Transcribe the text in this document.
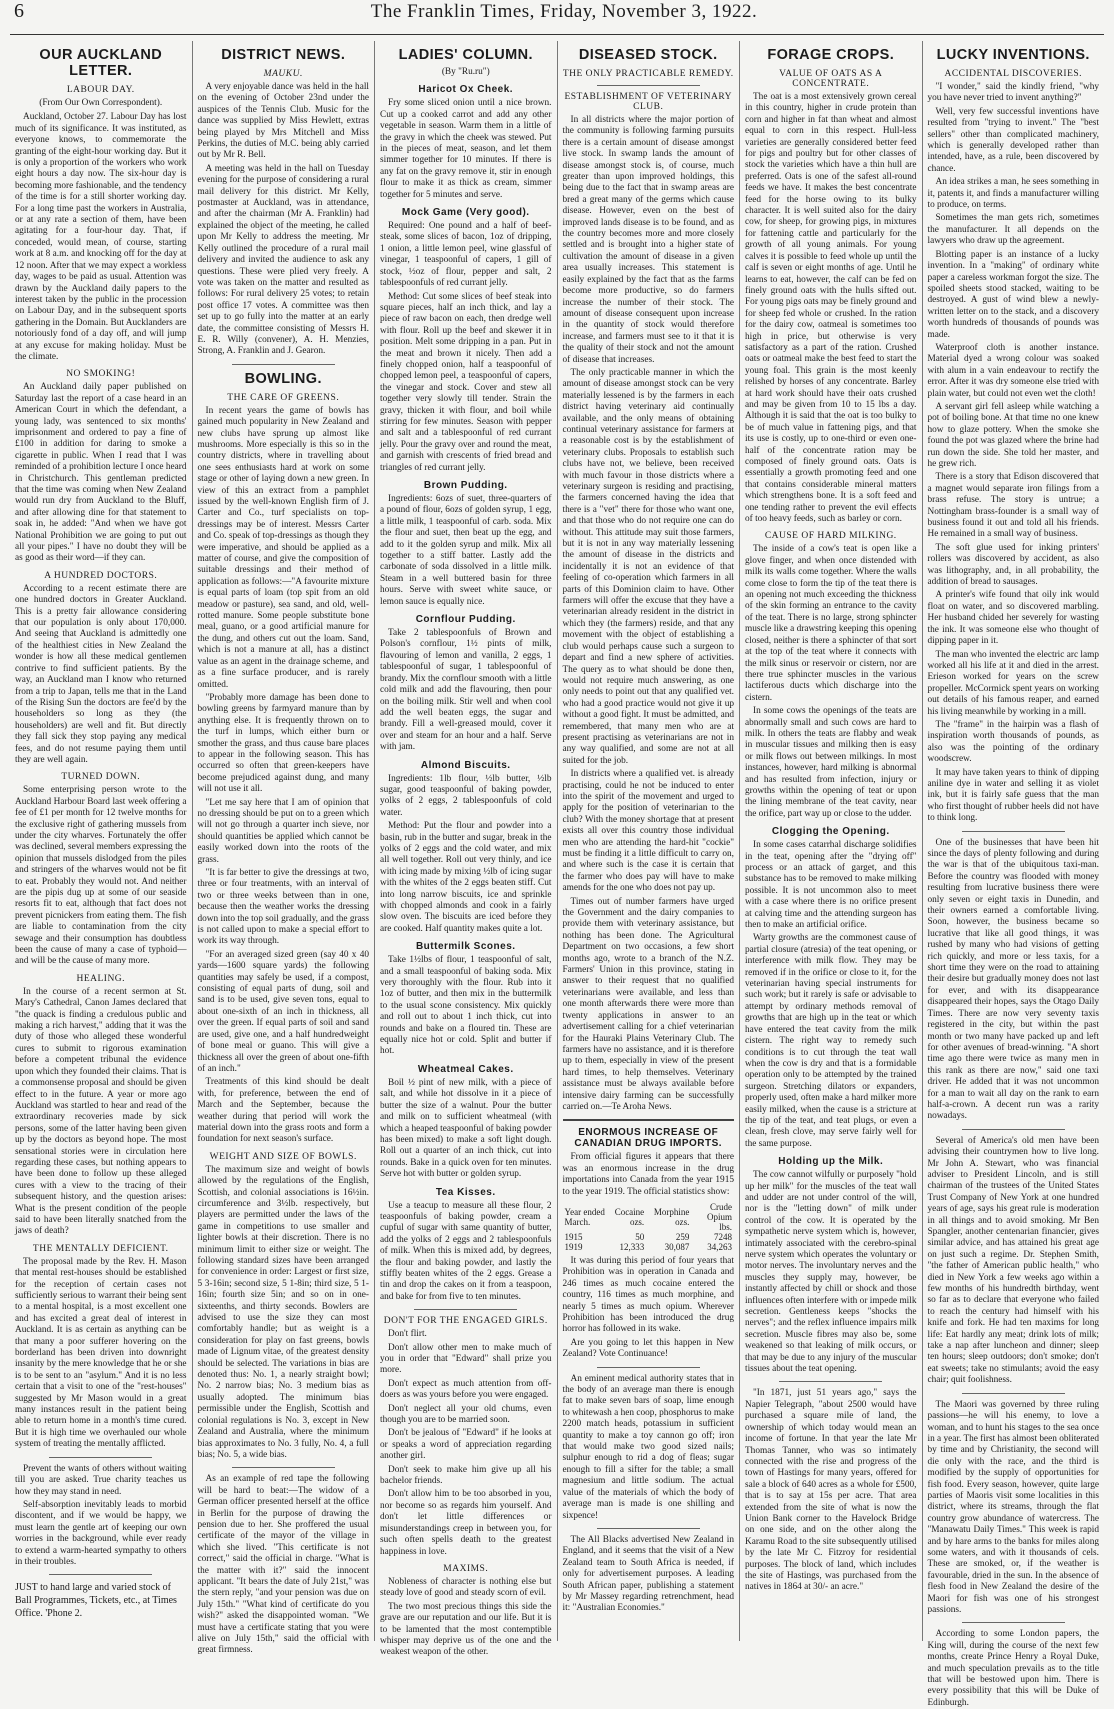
6	The Franklin Times, Friday, November 3, 1922.
OUR AUCKLAND LETTER.
LABOUR DAY.
(From Our Own Correspondent).

Auckland, October 27. Labour Day has lost much of its significance. It was instituted, as everyone knows, to commemorate the granting of the eight-hour working day. But it is only a proportion of the workers who work eight hours a day now. The six-hour day is becoming more fashionable, and the tendency of the time is for a still shorter working day. For a long time past the workers in Australia, or at any rate a section of them, have been agitating for a four-hour day. That, if conceded, would mean, of course, starting work at 8 a.m. and knocking off for the day at 12 noon. After that we may expect a workless day, wages to be paid as usual. Attention was drawn by the Auckland daily papers to the interest taken by the public in the procession on Labour Day, and in the subsequent sports gathering in the Domain. But Aucklanders are notoriously fond of a day off, and will jump at any excuse for making holiday. Must be the climate.

NO SMOKING!

An Auckland daily paper published on Saturday last the report of a case heard in an American Court in which the defendant, a young lady, was sentenced to six months' imprisonment and ordered to pay a fine of £100 in addition for daring to smoke a cigarette in public. When I read that I was reminded of a prohibition lecture I once heard in Christchurch. This gentleman predicted that the time was coming when New Zealand would run dry from Auckland to the Bluff, and after allowing dine for that statement to soak in, he added: "And when we have got National Prohibition we are going to put out all your pipes." I have no doubt they will be as good as their word—if they can.

A HUNDRED DOCTORS.

According to a recent estimate there are one hundred doctors in Greater Auckland. This is a pretty fair allowance considering that our population is only about 170,000. And seeing that Auckland is admittedly one of the healthiest cities in New Zealand the wonder is how all these medical gentlemen contrive to find sufficient patients. By the way, an Auckland man I know who returned from a trip to Japan, tells me that in the Land of the Rising Sun the doctors are fee'd by the householders so long as they (the householders) are well and fit. But directly they fall sick they stop paying any medical fees, and do not resume paying them until they are well again.

TURNED DOWN.

Some enterprising person wrote to the Auckland Harbour Board last week offering a fee of £1 per month for 12 twelve months for the exclusive right of gathering mussels from under the city wharves. Fortunately the offer was declined, several members expressing the opinion that mussels dislodged from the piles and stringers of the wharves would not be fit to eat. Probably they would not. And neither are the pipis dug up at some of our seaside resorts fit to eat, although that fact does not prevent picnickers from eating them. The fish are liable to contamination from the city sewage and their consumption has doubtless been the cause of many a case of typhoid—and will be the cause of many more.

HEALING.

In the course of a recent sermon at St. Mary's Cathedral, Canon James declared that "the quack is finding a credulous public and making a rich harvest," adding that it was the duty of those who alleged these wonderful cures to submit to rigorous examination before a competent tribunal the evidence upon which they founded their claims. That is a commonsense proposal and should be given effect to in the future. A year or more ago Auckland was startled to hear and read of the extraordinary recoveries made by sick persons, some of the latter having been given up by the doctors as beyond hope. The most sensational stories were in circulation here regarding these cases, but nothing appears to have been done to follow up these alleged cures with a view to the tracing of their subsequent history, and the question arises: What is the present condition of the people said to have been literally snatched from the jaws of death?

THE MENTALLY DEFICIENT.

The proposal made by the Rev. H. Mason that mental rest-houses should be established for the reception of certain cases not sufficiently serious to warrant their being sent to a mental hospital, is a most excellent one and has excited a great deal of interest in Auckland. It is as certain as anything can be that many a poor sufferer hovering on the borderland has been driven into downright insanity by the mere knowledge that he or she is to be sent to an "asylum." And it is no less certain that a visit to one of the "rest-houses" suggested by Mr Mason would in a great many instances result in the patient being able to return home in a month's time cured. But it is high time we overhauled our whole system of treating the mentally afflicted.

Prevent the wants of others without waiting till you are asked. True charity teaches us how they may stand in need.

Self-absorption inevitably leads to morbid discontent, and if we would be happy, we must learn the gentle art of keeping our own worries in the background, while ever ready to extend a warm-hearted sympathy to others in their troubles.

JUST to hand large and varied stock of Ball Programmes, Tickets, etc., at Times Office. 'Phone 2.
DISTRICT NEWS.
MAUKU.

A very enjoyable dance was held in the hall on the evening of October 23nd under the auspices of the Tennis Club. Music for the dance was supplied by Miss Hewlett, extras being played by Mrs Mitchell and Miss Perkins, the duties of M.C. being ably carried out by Mr R. Bell.

A meeting was held in the hall on Tuesday evening for the purpose of considering a rural mail delivery for this district. Mr Kelly, postmaster at Auckland, was in attendance, and after the chairman (Mr A. Franklin) had explained the object of the meeting, he called upon Mr Kelly to address the meeting. Mr Kelly outlined the procedure of a rural mail delivery and invited the audience to ask any questions. These were plied very freely. A vote was taken on the matter and resulted as follows: For rural delivery 25 votes; to retain post office 17 votes. A committee was then set up to go fully into the matter at an early date, the committee consisting of Messrs H. E. R. Willy (convener), A. H. Menzies, Strong, A. Franklin and J. Gearon.

BOWLING.
THE CARE OF GREENS.

In recent years the game of bowls has gained much popularity in New Zealand and new clubs have sprung up almost like mushrooms. More especially is this so in the country districts, where in travelling about one sees enthusiasts hard at work on some stage or other of laying down a new green. In view of this an extract from a pamphlet issued by the well-known English firm of J. Carter and Co., turf specialists on top-dressings may be of interest. Messrs Carter and Co. speak of top-dressings as though they were imperative, and should be applied as a matter of course, and give the composition of suitable dressings and their method of application as follows:—"A favourite mixture is equal parts of loam (top spit from an old meadow or pasture), sea sand, and old, well-rotted manure. Some people substitute bone meal, guano, or a good artificial manure for the dung, and others cut out the loam. Sand, which is not a manure at all, has a distinct value as an agent in the drainage scheme, and as a fine surface producer, and is rarely omitted.

"Probably more damage has been done to bowling greens by farmyard manure than by anything else. It is frequently thrown on to the turf in lumps, which either burn or smother the grass, and thus cause bare places to appear in the following season. This has occurred so often that green-keepers have become prejudiced against dung, and many will not use it all.

"Let me say here that I am of opinion that no dressing should be put on to a green which will not go through a quarter inch sieve, nor should quantities be applied which cannot be easily worked down into the roots of the grass.

"It is far better to give the dressings at two, three or four treatments, with an interval of two or three weeks between than in one, because then the weather works the dressing down into the top soil gradually, and the grass is not called upon to make a special effort to work its way through.

"For an averaged sized green (say 40 x 40 yards—1600 square yards) the following quantities may safely be used, if a compost, consisting of equal parts of dung, soil and sand is to be used, give seven tons, equal to about one-sixth of an inch in thickness, all over the green. If equal parts of soil and sand are used, give one, and a half hundredweight of bone meal or guano. This will give a thickness all over the green of about one-fifth of an inch."

Treatments of this kind should be dealt with, for preference, between the end of March and the September, because the weather during that period will work the material down into the grass roots and form a foundation for next season's surface.

WEIGHT AND SIZE OF BOWLS.

The maximum size and weight of bowls allowed by the regulations of the English, Scottish, and colonial associations is 16½in. circumference and 3½lb. respectively, but players are permitted under the laws of the game in competitions to use smaller and lighter bowls at their discretion. There is no minimum limit to either size or weight. The following standard sizes have been arranged for convenience in order: Largest or first size, 5 3-16in; second size, 5 1-8in; third size, 5 1-16in; fourth size 5in; and so on in one-sixteenths, and thirty seconds. Bowlers are advised to use the size they can most comfortably handle; but as weight is a consideration for play on fast greens, bowls made of Lignum vitae, of the greatest density should be selected. The variations in bias are denoted thus: No. 1, a nearly straight bowl; No. 2 narrow bias; No. 3 medium bias as usually adopted. The minimum bias permissible under the English, Scottish and colonial regulations is No. 3, except in New Zealand and Australia, where the minimum bias approximates to No. 3 fully, No. 4, a full bias; No. 5, a wide bias.

As an example of red tape the following will be hard to beat:—The widow of a German officer presented herself at the office in Berlin for the purpose of drawing the pension due to her. She proffered the usual certificate of the mayor of the village in which she lived. "This certificate is not correct," said the official in charge. "What is the matter with it?" said the innocent applicant. "It bears the date of July 21st," was the stern reply, "and your pension was due on July 15th." "What kind of certificate do you wish?" asked the disappointed woman. "We must have a certificate stating that you were alive on July 15th," said the official with great firmness.

LADIES' COLUMN.
(By "Ru.ru")
Haricot Ox Cheek.

Fry some sliced onion until a nice brown. Cut up a cooked carrot and add any other vegetable in season. Warm them in a little of the gravy in which the cheek was stewed. Put in the pieces of meat, season, and let them simmer together for 10 minutes. If there is any fat on the gravy remove it, stir in enough flour to make it as thick as cream, simmer together for 5 minutes and serve.

Mock Game (Very good).

Required: One pound and a half of beef-steak, some slices of bacon, 1oz of dripping, 1 onion, a little lemon peel, wine glassful of vinegar, 1 teaspoonful of capers, 1 gill of stock, ½oz of flour, pepper and salt, 2 tablespoonfuls of red currant jelly.

Method: Cut some slices of beef steak into square pieces, half an inch thick, and lay a piece of raw bacon on each, then dredge well with flour. Roll up the beef and skewer it in position. Melt some dripping in a pan. Put in the meat and brown it nicely. Then add a finely chopped onion, half a teaspoonful of chopped lemon peel, a teaspoonful of capers, the vinegar and stock. Cover and stew all together very slowly till tender. Strain the gravy, thicken it with flour, and boil while stirring for few minutes. Season with pepper and salt and a tablespoonful of red currant jelly. Pour the gravy over and round the meat, and garnish with crescents of fried bread and triangles of red currant jelly.

Brown Pudding.

Ingredients: 6ozs of suet, three-quarters of a pound of flour, 6ozs of golden syrup, 1 egg, a little milk, 1 teaspoonful of carb. soda. Mix the flour and suet, then beat up the egg, and add to it the golden syrup and milk. Mix all together to a stiff batter. Lastly add the carbonate of soda dissolved in a little milk. Steam in a well buttered basin for three hours. Serve with sweet white sauce, or lemon sauce is equally nice.

Cornflour Pudding.

Take 2 tablespoonfuls of Brown and Polson's cornflour, 1½ pints of milk, flavouring of lemon and vanilla, 2 eggs, 1 tablespoonful of sugar, 1 tablespoonful of brandy. Mix the cornflour smooth with a little cold milk and add the flavouring, then pour on the boiling milk. Stir well and when cool add the well beaten eggs, the sugar and brandy. Fill a well-greased mould, cover it over and steam for an hour and a half. Serve with jam.

Almond Biscuits.

Ingredients: 1lb flour, ½lb butter, ½lb sugar, good teaspoonful of baking powder, yolks of 2 eggs, 2 tablespoonfuls of cold water.

Method: Put the flour and powder into a basin, rub in the butter and sugar, break in the yolks of 2 eggs and the cold water, and mix all well together. Roll out very thinly, and ice with icing made by mixing ½lb of icing sugar with the whites of the 2 eggs beaten stiff. Cut into long narrow biscuits, ice and sprinkle with chopped almonds and cook in a fairly slow oven. The biscuits are iced before they are cooked. Half quantity makes quite a lot.

Buttermilk Scones.

Take 1½lbs of flour, 1 teaspoonful of salt, and a small teaspoonful of baking soda. Mix very thoroughly with the flour. Rub into it 1oz of butter, and then mix in the buttermilk to the usual scone consistency. Mix quickly and roll out to about 1 inch thick, cut into rounds and bake on a floured tin. These are equally nice hot or cold. Split and butter if hot.

Wheatmeal Cakes.

Boil ½ pint of new milk, with a piece of salt, and while hot dissolve in it a piece of butter the size of a walnut. Pour the butter and milk on to sufficient wheatmeal (with which a heaped teaspoonful of baking powder has been mixed) to make a soft light dough. Roll out a quarter of an inch thick, cut into rounds. Bake in a quick oven for ten minutes. Serve hot with butter or golden syrup.

Tea Kisses.

Use a teacup to measure all these flour, 2 teaspoonfuls of baking powder, cream a cupful of sugar with same quantity of butter, add the yolks of 2 eggs and 2 tablespoonfuls of milk. When this is mixed add, by degrees, the flour and baking powder, and lastly the stiffly beaten whites of the 2 eggs. Grease a tin and drop the cakes on it from a teaspoon, and bake for from five to ten minutes.

DON'T FOR THE ENGAGED GIRLS.

Don't flirt.

Don't allow other men to make much of you in order that "Edward" shall prize you more.

Don't expect as much attention from off-doers as was yours before you were engaged.

Don't neglect all your old chums, even though you are to be married soon.

Don't be jealous of "Edward" if he looks at or speaks a word of appreciation regarding another girl.

Don't seek to make him give up all his bachelor friends.

Don't allow him to be too absorbed in you, nor become so as regards him yourself. And don't let little differences or misunderstandings creep in between you, for such often spells death to the greatest happiness in love.

MAXIMS.

Nobleness of character is nothing else but steady love of good and steady scorn of evil.

The two most precious things this side the grave are our reputation and our life. But it is to be lamented that the most contemptible whisper may deprive us of the one and the weakest weapon of the other.

DISEASED STOCK.
THE ONLY PRACTICABLE REMEDY.
ESTABLISHMENT OF VETERINARY CLUB.

In all districts where the major portion of the community is following farming pursuits there is a certain amount of disease amongst live stock. In swamp lands the amount of disease amongst stock is, of course, much greater than upon improved holdings, this being due to the fact that in swamp areas are bred a great many of the germs which cause disease. However, even on the best of improved lands disease is to be found, and as the country becomes more and more closely settled and is brought into a higher state of cultivation the amount of disease in a given area usually increases. This statement is easily explained by the fact that as the farms become more productive, so do farmers increase the number of their stock. The amount of disease consequent upon increase in the quantity of stock would therefore increase, and farmers must see to it that it is the quality of their stock and not the amount of disease that increases.

The only practicable manner in which the amount of disease amongst stock can be very materially lessened is by the farmers in each district having veterinary aid continually available, and the only means of obtaining continual veterinary assistance for farmers at a reasonable cost is by the establishment of veterinary clubs. Proposals to establish such clubs have not, we believe, been received with much favour in those districts where a veterinary surgeon is residing and practising, the farmers concerned having the idea that there is a "vet" there for those who want one, and that those who do not require one can do without. This attitude may suit those farmers, but it is not in any way materially lessening the amount of disease in the districts and incidentally it is not an evidence of that feeling of co-operation which farmers in all parts of this Dominion claim to have. Other farmers will offer the excuse that they have a veterinarian already resident in the district in which they (the farmers) reside, and that any movement with the object of establishing a club would perhaps cause such a surgeon to depart and find a new sphere of activities. The query as to what should be done then, would not require much answering, as one only needs to point out that any qualified vet. who had a good practice would not give it up without a good fight. It must be admitted, and remembered, that many men who are at present practising as veterinarians are not in any way qualified, and some are not at all suited for the job.

In districts where a qualified vet. is already practising, could he not be induced to enter into the spirit of the movement and urged to apply for the position of veterinarian to the club? With the money shortage that at present exists all over this country those individual men who are attending the hard-hit "cockie" must be finding it a little difficult to carry on, and where such is the case it is certain that the farmer who does pay will have to make amends for the one who does not pay up.

Times out of number farmers have urged the Government and the dairy companies to provide them with veterinary assistance, but nothing has been done. The Agricultural Department on two occasions, a few short months ago, wrote to a branch of the N.Z. Farmers' Union in this province, stating in answer to their request that no qualified veterinarians were available, and less than one month afterwards there were more than twenty applications in answer to an advertisement calling for a chief veterinarian for the Hauraki Plains Veterinary Club. The farmers have no assistance, and it is therefore up to them, especially in view of the present hard times, to help themselves. Veterinary assistance must be always available before intensive dairy farming can be successfully carried on.—Te Aroha News.

ENORMOUS INCREASE OF CANADIAN DRUG IMPORTS.

From official figures it appears that there was an enormous increase in the drug importations into Canada from the year 1915 to the year 1919. The official statistics show:

Year ended March.	Cocaine ozs.	Morphine ozs.	Crude Opium lbs.
1915	50	259	7248
1919	12,333	30,087	34,263

It was during this period of four years that Prohibition was in operation in Canada and 246 times as much cocaine entered the country, 116 times as much morphine, and nearly 5 times as much opium. Wherever Prohibition has been introduced the drug horror has followed in its wake.

Are you going to let this happen in New Zealand? Vote Continuance!

An eminent medical authority states that in the body of an average man there is enough fat to make seven bars of soap, lime enough to whitewash a hen coop, phosphorus to make 2200 match heads, potassium in sufficient quantity to make a toy cannon go off; iron that would make two good sized nails; sulphur enough to rid a dog of fleas; sugar enough to fill a sifter for the table; a small magnesium and little sodium. The actual value of the materials of which the body of average man is made is one shilling and sixpence!

The All Blacks advertised New Zealand in England, and it seems that the visit of a New Zealand team to South Africa is needed, if only for advertisement purposes. A leading South African paper, publishing a statement by Mr Massey regarding retrenchment, head it: "Australian Economies."

FORAGE CROPS.
VALUE OF OATS AS A CONCENTRATE.

The oat is a most extensively grown cereal in this country, higher in crude protein than corn and higher in fat than wheat and almost equal to corn in this respect. Hull-less varieties are generally considered better feed for pigs and poultry but for other classes of stock the varieties which have a thin hull are preferred. Oats is one of the safest all-round feeds we have. It makes the best concentrate feed for the horse owing to its bulky character. It is well suited also for the dairy cow, for sheep, for growing pigs, in mixtures for fattening cattle and particularly for the growth of all young animals. For young calves it is possible to feed whole up until the calf is seven or eight months of age. Until he learns to eat, however, the calf can be fed on finely ground oats with the hulls sifted out. For young pigs oats may be finely ground and for sheep fed whole or crushed. In the ration for the dairy cow, oatmeal is sometimes too high in price, but otherwise is very satisfactory as a part of the ration. Crushed oats or oatmeal make the best feed to start the young foal. This grain is the most keenly relished by horses of any concentrate. Barley at hard work should have their oats crushed and may be given from 10 to 15 lbs a day. Although it is said that the oat is too bulky to be of much value in fattening pigs, and that its use is costly, up to one-third or even one-half of the concentrate ration may be composed of finely ground oats. Oats is essentially a growth promoting feed and one that contains considerable mineral matters which strengthens bone. It is a soft feed and one tending rather to prevent the evil effects of too heavy feeds, such as barley or corn.

CAUSE OF HARD MILKING.

The inside of a cow's teat is open like a glove finger, and when once distended with milk its walls come together. Where the walls come close to form the tip of the teat there is an opening not much exceeding the thickness of the skin forming an entrance to the cavity of the teat. There is no large, strong sphincter muscle like a drawstring keeping this opening closed, neither is there a sphincter of that sort at the top of the teat where it connects with the milk sinus or reservoir or cistern, nor are there true sphincter muscles in the various lactiferous ducts which discharge into the cistern.

In some cows the openings of the teats are abnormally small and such cows are hard to milk. In others the teats are flabby and weak in muscular tissues and milking then is easy or milk flows out between milkings. In most instances, however, hard milking is abnormal and has resulted from infection, injury or growths within the opening of teat or upon the lining membrane of the teat cavity, near the orifice, part way up or close to the udder.

Clogging the Opening.

In some cases catarrhal discharge solidifies in the teat, opening after the "drying off" process or an attack of garget, and this substance has to be removed to make milking possible. It is not uncommon also to meet with a case where there is no orifice present at calving time and the attending surgeon has then to make an artificial orifice.

Warty growths are the commonest cause of partial closure (atresia) of the teat opening, or interference with milk flow. They may be removed if in the orifice or close to it, for the veterinarian having special instruments for such work; but it rarely is safe or advisable to attempt by ordinary methods removal of growths that are high up in the teat or which have entered the teat cavity from the milk cistern. The right way to remedy such conditions is to cut through the teat wall when the cow is dry and that is a formidable operation only to be attempted by the trained surgeon. Stretching dilators or expanders, properly used, often make a hard milker more easily milked, when the cause is a stricture at the tip of the teat, and teat plugs, or even a clean, fresh clove, may serve fairly well for the same purpose.

Holding up the Milk.

The cow cannot wilfully or purposely "hold up her milk" for the muscles of the teat wall and udder are not under control of the will, nor is the "letting down" of milk under control of the cow. It is operated by the sympathetic nerve system which is, however, intimately associated with the cerebro-spinal nerve system which operates the voluntary or motor nerves. The involuntary nerves and the muscles they supply may, however, be instantly affected by chill or shock and those influences often interfere with or impede milk secretion. Gentleness keeps "shocks the nerves"; and the reflex influence impairs milk secretion. Muscle fibres may also be, some weakened so that leaking of milk occurs, or that may be due to any injury of the muscular tissues about the teat opening.

"In 1871, just 51 years ago," says the Napier Telegraph, "about 2500 would have purchased a square mile of land, the ownership of which today would mean an income of fortune. In that year the late Mr Thomas Tanner, who was so intimately connected with the rise and progress of the town of Hastings for many years, offered for sale a block of 640 acres as a whole for £500, that is to say at 15s per acre. That area extended from the site of what is now the Union Bank corner to the Havelock Bridge on one side, and on the other along the Karamu Road to the site subsequently utilised by the late Mr C. Fitzroy for residential purposes. The block of land, which includes the site of Hastings, was purchased from the natives in 1864 at 30/- an acre."

LUCKY INVENTIONS.
ACCIDENTAL DISCOVERIES.

"I wonder," said the kindly friend, "why you have never tried to invent anything?"

Well, very few successful inventions have resulted from "trying to invent." The "best sellers" other than complicated machinery, which is generally developed rather than intended, have, as a rule, been discovered by chance.

An idea strikes a man, he sees something in it, patents it, and finds a manufacturer willing to produce, on terms.

Sometimes the man gets rich, sometimes the manufacturer. It all depends on the lawyers who draw up the agreement.

Blotting paper is an instance of a lucky invention. In a "making" of ordinary white paper a careless workman forgot the size. The spoiled sheets stood stacked, waiting to be destroyed. A gust of wind blew a newly-written letter on to the stack, and a discovery worth hundreds of thousands of pounds was made.

Waterproof cloth is another instance. Material dyed a wrong colour was soaked with alum in a vain endeavour to rectify the error. After it was dry someone else tried with plain water, but could not even wet the cloth!

A servant girl fell asleep while watching a pot of boiling bone. At that time no one knew how to glaze pottery. When the smoke she found the pot was glazed where the brine had run down the side. She told her master, and he grew rich.

There is a story that Edison discovered that a magnet would separate iron filings from a brass refuse. The story is untrue; a Nottingham brass-founder is a small way of business found it out and told all his friends. He remained in a small way of business.

The soft glue used for inking printers' rollers was discovered by accident, as also was lithography, and, in all probability, the addition of bread to sausages.

A printer's wife found that oily ink would float on water, and so discovered marbling. Her husband chided her severely for wasting the ink. It was someone else who thought of dipping paper in it.

The man who invented the electric arc lamp worked all his life at it and died in the arrest. Erieson worked for years on the screw propeller. McCormick spent years on working out details of his famous reaper, and earned his living meanwhile by working in a mill.

The "frame" in the hairpin was a flash of inspiration worth thousands of pounds, as also was the pointing of the ordinary woodscrew.

It may have taken years to think of dipping aniline dye in water and selling it as violet ink, but it is fairly safe guess that the man who first thought of rubber heels did not have to think long.

One of the businesses that have been hit since the days of plenty following and during the war is that of the ubiquitous taxi-man. Before the country was flooded with money resulting from lucrative business there were only seven or eight taxis in Dunedin, and their owners earned a comfortable living. Soon, however, the business became so lucrative that like all good things, it was rushed by many who had visions of getting rich quickly, and more or less taxis, for a short time they were on the road to attaining their desire but gradually money does not last for ever, and with its disappearance disappeared their hopes, says the Otago Daily Times. There are now very seventy taxis registered in the city, but within the past month or two many have packed up and left for other avenues of bread-winning. "A short time ago there were twice as many men in this rank as there are now," said one taxi driver. He added that it was not uncommon for a man to wait all day on the rank to earn half-a-crown. A decent run was a rarity nowadays.

Several of America's old men have been advising their countrymen how to live long. Mr John A. Stewart, who was financial adviser to President Lincoln, and is still chairman of the trustees of the United States Trust Company of New York at one hundred years of age, says his great rule is moderation in all things and to avoid smoking. Mr Ben Spangler, another centenarian financier, gives similar advice, and has attained his great age on just such a regime. Dr. Stephen Smith, "the father of American public health," who died in New York a few weeks ago within a few months of his hundredth birthday, went so far as to declare that everyone who failed to reach the century had himself with his knife and fork. He had ten maxims for long life: Eat hardly any meat; drink lots of milk; take a nap after luncheon and dinner; sleep ten hours; sleep outdoors; don't smoke; don't eat sweets; take no stimulants; avoid the easy chair; quit foolishness.

The Maori was governed by three ruling passions—he will his enemy, to love a woman, and to hunt his stages to the sea once in a year. The first has almost been obliterated by time and by Christianity, the second will die only with the race, and the third is modified by the supply of opportunities for fish food. Every season, however, quite large parties of Maoris visit some localities in this district, where its streams, through the flat country grow abundance of watercress. The "Manawatu Daily Times." This week is rapid and by hare arms to the banks for miles along some waters, and with it thousands of cels. These are smoked, or, if the weather is favourable, dried in the sun. In the absence of flesh food in New Zealand the desire of the Maori for fish was one of his strongest passions.

According to some London papers, the King will, during the course of the next few months, create Prince Henry a Royal Duke, and much speculation prevails as to the title that will be bestowed upon him. There is every possibility that this will be Duke of Edinburgh.
